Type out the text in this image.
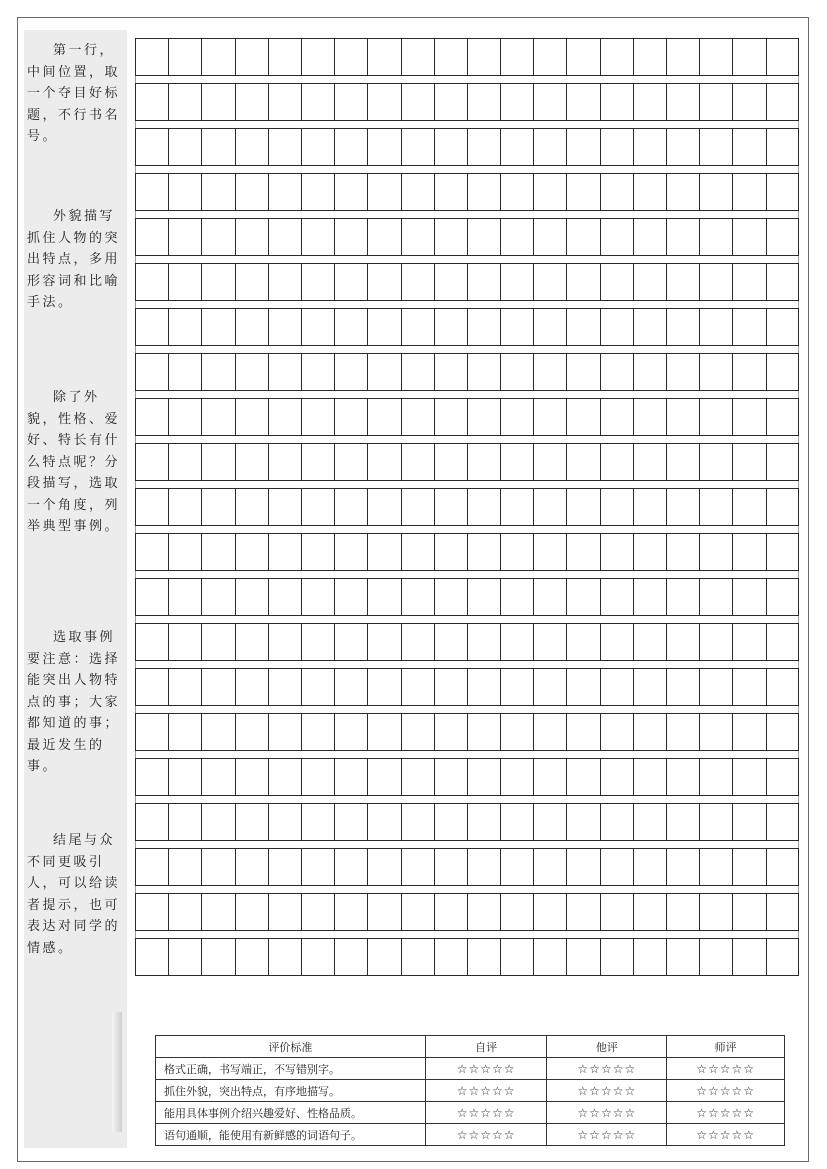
第一行，中间位置，取一个夺目好标题，不行书名号。

外貌描写抓住人物的突出特点，多用形容词和比喻手法。

除了外貌，性格、爱好、特长有什么特点呢？分段描写，选取一个角度，列举典型事例。

选取事例要注意：选择能突出人物特点的事；大家都知道的事；最近发生的事。

结尾与众不同更吸引人，可以给读者提示，也可表达对同学的情感。

评价标准	自评	他评	师评
格式正确，书写端正，不写错别字。	☆☆☆☆☆	☆☆☆☆☆	☆☆☆☆☆
抓住外貌，突出特点，有序地描写。	☆☆☆☆☆	☆☆☆☆☆	☆☆☆☆☆
能用具体事例介绍兴趣爱好、性格品质。	☆☆☆☆☆	☆☆☆☆☆	☆☆☆☆☆
语句通顺，能使用有新鲜感的词语句子。	☆☆☆☆☆	☆☆☆☆☆	☆☆☆☆☆
